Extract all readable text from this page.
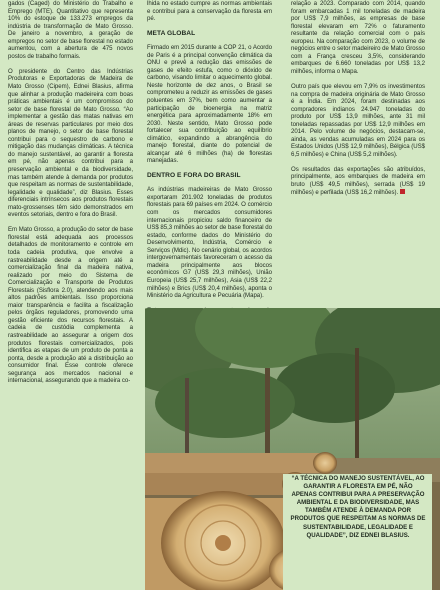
gados (Caged) do Ministério do Trabalho e Emprego (MTE). Quantitativo que representa 10% do estoque de 133.273 empregos da indústria de transformação de Mato Grosso. De janeiro a novembro, a geração de empregos no setor de base florestal no estado aumentou, com a abertura de 475 novos postos de trabalho formais.

O presidente do Centro das Indústrias Produtoras e Exportadoras de Madeira de Mato Grosso (Cipem), Ednei Blasius, afirma que alinhar a produção madeireira com boas práticas ambientais é um compromisso do setor de base florestal de Mato Grosso. “Ao implementar a gestão das matas nativas em áreas de reservas particulares por meio dos planos de manejo, o setor de base florestal contribui para o sequestro de carbono e mitigação das mudanças climáticas. A técnica do manejo sustentável, ao garantir a floresta em pé, não apenas contribui para a preservação ambiental e da biodiversidade, mas também atende à demanda por produtos que respeitam as normas de sustentabilidade, legalidade e qualidade”, diz Blasius. Esses diferenciais intrínsecos aos produtos florestais mato-grossenses têm sido demonstrados em eventos setoriais, dentro e fora do Brasil.

Em Mato Grosso, a produção do setor de base florestal está adequada aos processos detalhados de monitoramento e controle em toda cadeia produtiva, que envolve a rastreabilidade desde a origem até a comercialização final da madeira nativa, realizado por meio do Sistema de Comercialização e Transporte de Produtos Florestais (Sisflora 2.0), atendendo aos mais altos padrões ambientais. Isso proporciona maior transparência e facilita a fiscalização pelos órgãos reguladores, promovendo uma gestão eficiente dos recursos florestais. A cadeia de custódia complementa a rastreabilidade ao assegurar a origem dos produtos florestais comercializados, pois identifica as etapas de um produto de ponta a ponta, desde a produção até a distribuição ao consumidor final. Esse controle oferece segurança aos mercados nacional e internacional, assegurando que a madeira co-

lhida no estado cumpre as normas ambientais e contribui para a conservação da floresta em pé.

META GLOBAL

Firmado em 2015 durante a COP 21, o Acordo de Paris é a principal convenção climática da ONU e prevê a redução das emissões de gases de efeito estufa, como o dióxido de carbono, visando limitar o aquecimento global. Neste horizonte de dez anos, o Brasil se comprometeu a reduzir as emissões de gases poluentes em 37%, bem como aumentar a participação de bioenergia na matriz energética para aproximadamente 18% em 2030. Neste sentido, Mato Grosso pode fortalecer sua contribuição ao equilíbrio climático, expandindo a abrangência do manejo florestal, diante do potencial de alcançar até 6 milhões (ha) de florestas manejadas.

DENTRO E FORA DO BRASIL

As indústrias madeireiras de Mato Grosso exportaram 201.902 toneladas de produtos florestais para 69 países em 2024. O comércio com os mercados consumidores internacionais propiciou saldo financeiro de US$ 85,3 milhões ao setor de base florestal do estado, conforme dados do Ministério do Desenvolvimento, Indústria, Comércio e Serviços (Mdic). No cenário global, os acordos intergovernamentais favoreceram o acesso da madeira principalmente aos blocos econômicos G7 (US$ 29,3 milhões), União Europeia (US$ 25,7 milhões), Asia (US$ 22,2 milhões) e Brics (US$ 20,4 milhões), aponta o Ministério da Agricultura e Pecuária (Mapa).

relação a 2023. Comparado com 2014, quando foram embarcadas 1 mil toneladas de madeira por US$ 7,9 milhões, as empresas de base florestal elevaram em 72% o faturamento resultante da relação comercial com o país europeu. Na comparação com 2023, o volume de negócios entre o setor madeireiro de Mato Grosso com a França cresceu 3,5%, considerando embarques de 6.660 toneladas por US$ 13,2 milhões, informa o Mapa.

Outro país que elevou em 7,9% os investimentos na compra de madeira originária de Mato Grosso é a Índia. Em 2024, foram destinadas aos compradores indianos 24.947 toneladas do produto por US$ 13,9 milhões, ante 31 mil toneladas repassadas por US$ 12,9 milhões em 2014. Pelo volume de negócios, destacam-se, ainda, as vendas acumuladas em 2024 para os Estados Unidos (US$ 12,9 milhões), Bélgica (US$ 6,5 milhões) e China (US$ 5,2 milhões).

Os resultados das exportações são atribuídos, principalmente, aos embarques de madeira em bruto (US$ 49,5 milhões), serrada (US$ 19 milhões) e perfilada (US$ 16,2 milhões).

“A TÉCNICA DO MANEJO SUSTENTÁVEL, AO GARANTIR A FLORESTA EM PÉ, NÃO APENAS CONTRIBUI PARA A PRESERVAÇÃO AMBIENTAL E DA BIODIVERSIDADE, MAS TAMBÉM ATENDE À DEMANDA POR PRODUTOS QUE RESPEITAM AS NORMAS DE SUSTENTABILIDADE, LEGALIDADE E QUALIDADE”, DIZ EDNEI BLASIUS.
